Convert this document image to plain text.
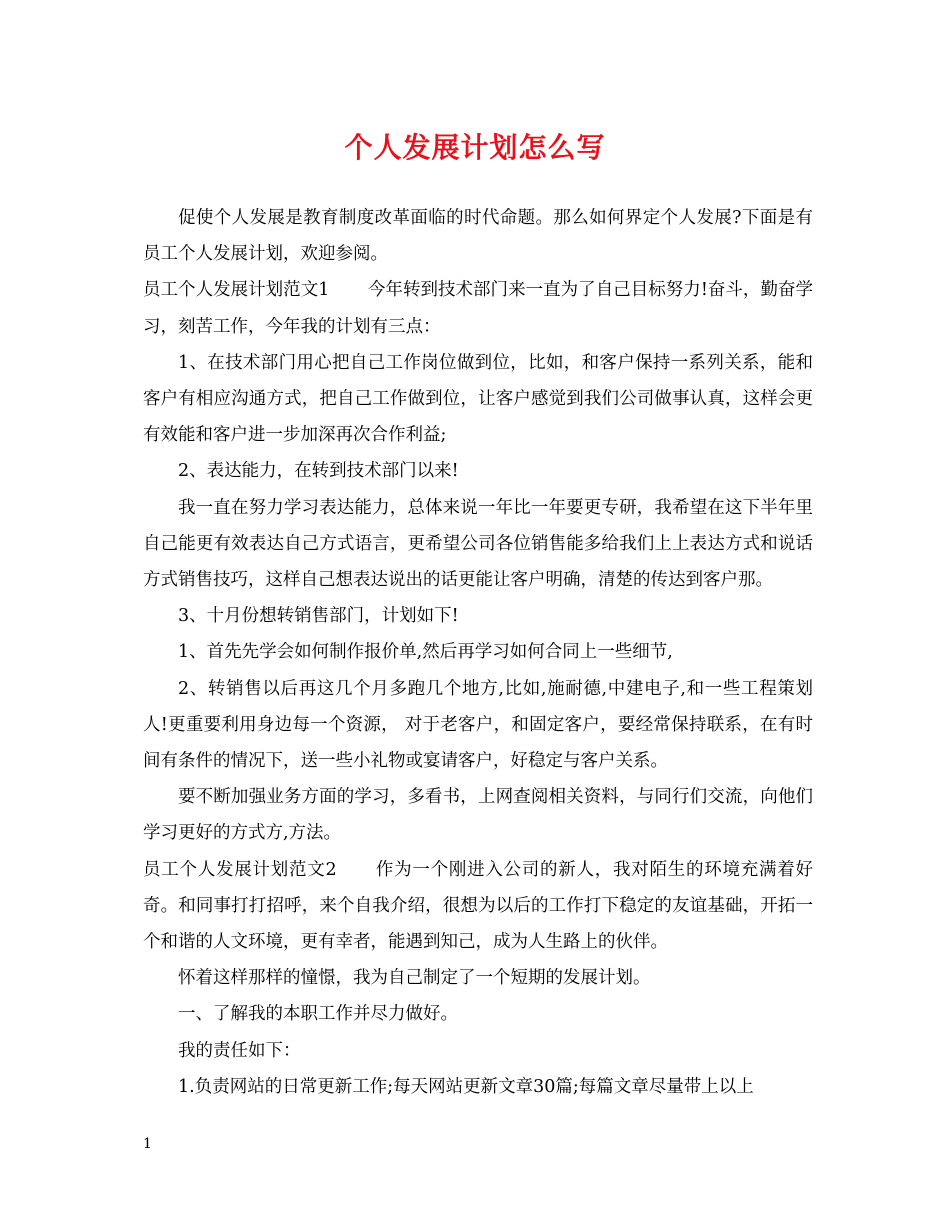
个人发展计划怎么写

促使个人发展是教育制度改革面临的时代命题。那么如何界定个人发展?下面是有员工个人发展计划，欢迎参阅。

员工个人发展计划范文1 今年转到技术部门来一直为了自己目标努力!奋斗，勤奋学习，刻苦工作，今年我的计划有三点：

1、在技术部门用心把自己工作岗位做到位，比如，和客户保持一系列关系，能和客户有相应沟通方式，把自己工作做到位，让客户感觉到我们公司做事认真，这样会更有效能和客户进一步加深再次合作利益;

2、表达能力，在转到技术部门以来!

我一直在努力学习表达能力，总体来说一年比一年要更专研，我希望在这下半年里自己能更有效表达自己方式语言，更希望公司各位销售能多给我们上上表达方式和说话方式销售技巧，这样自己想表达说出的话更能让客户明确，清楚的传达到客户那。

3、十月份想转销售部门，计划如下!

1、首先先学会如何制作报价单,然后再学习如何合同上一些细节,

2、转销售以后再这几个月多跑几个地方,比如,施耐德,中建电子,和一些工程策划人!更重要利用身边每一个资源， 对于老客户，和固定客户，要经常保持联系，在有时间有条件的情况下，送一些小礼物或宴请客户，好稳定与客户关系。

要不断加强业务方面的学习，多看书，上网查阅相关资料，与同行们交流，向他们学习更好的方式方,方法。

员工个人发展计划范文2 作为一个刚进入公司的新人，我对陌生的环境充满着好奇。和同事打打招呼，来个自我介绍，很想为以后的工作打下稳定的友谊基础，开拓一个和谐的人文环境，更有幸者，能遇到知己，成为人生路上的伙伴。

怀着这样那样的憧憬，我为自己制定了一个短期的发展计划。

一、了解我的本职工作并尽力做好。

我的责任如下：

1.负责网站的日常更新工作;每天网站更新文章30篇;每篇文章尽量带上以上

1
